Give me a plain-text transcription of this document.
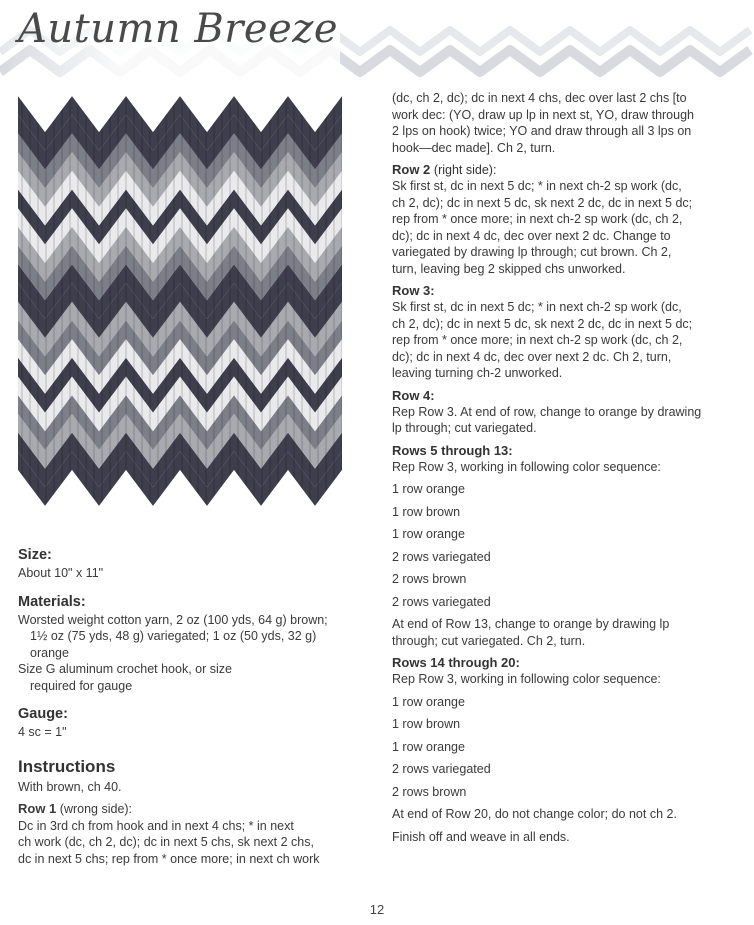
Autumn Breeze

Size:

About 10" x 11"

Materials:

Worsted weight cotton yarn, 2 oz (100 yds, 64 g) brown;

1½ oz (75 yds, 48 g) variegated; 1 oz (50 yds, 32 g)

orange

Size G aluminum crochet hook, or size

required for gauge

Gauge:

4 sc = 1"

Instructions

With brown, ch 40.

Row 1 (wrong side):

Dc in 3rd ch from hook and in next 4 chs; * in next

ch work (dc, ch 2, dc); dc in next 5 chs, sk next 2 chs,

dc in next 5 chs; rep from * once more; in next ch work

(dc, ch 2, dc); dc in next 4 chs, dec over last 2 chs [to

work dec: (YO, draw up lp in next st, YO, draw through

2 lps on hook) twice; YO and draw through all 3 lps on

hook—dec made]. Ch 2, turn.

Row 2 (right side):

Sk first st, dc in next 5 dc; * in next ch-2 sp work (dc,

ch 2, dc); dc in next 5 dc, sk next 2 dc, dc in next 5 dc;

rep from * once more; in next ch-2 sp work (dc, ch 2,

dc); dc in next 4 dc, dec over next 2 dc. Change to

variegated by drawing lp through; cut brown. Ch 2,

turn, leaving beg 2 skipped chs unworked.

Row 3:

Sk first st, dc in next 5 dc; * in next ch-2 sp work (dc,

ch 2, dc); dc in next 5 dc, sk next 2 dc, dc in next 5 dc;

rep from * once more; in next ch-2 sp work (dc, ch 2,

dc); dc in next 4 dc, dec over next 2 dc. Ch 2, turn,

leaving turning ch-2 unworked.

Row 4:

Rep Row 3. At end of row, change to orange by drawing

lp through; cut variegated.

Rows 5 through 13:

Rep Row 3, working in following color sequence:

1 row orange

1 row brown

1 row orange

2 rows variegated

2 rows brown

2 rows variegated

At end of Row 13, change to orange by drawing lp

through; cut variegated. Ch 2, turn.

Rows 14 through 20:

Rep Row 3, working in following color sequence:

1 row orange

1 row brown

1 row orange

2 rows variegated

2 rows brown

At end of Row 20, do not change color; do not ch 2.

Finish off and weave in all ends.

12
